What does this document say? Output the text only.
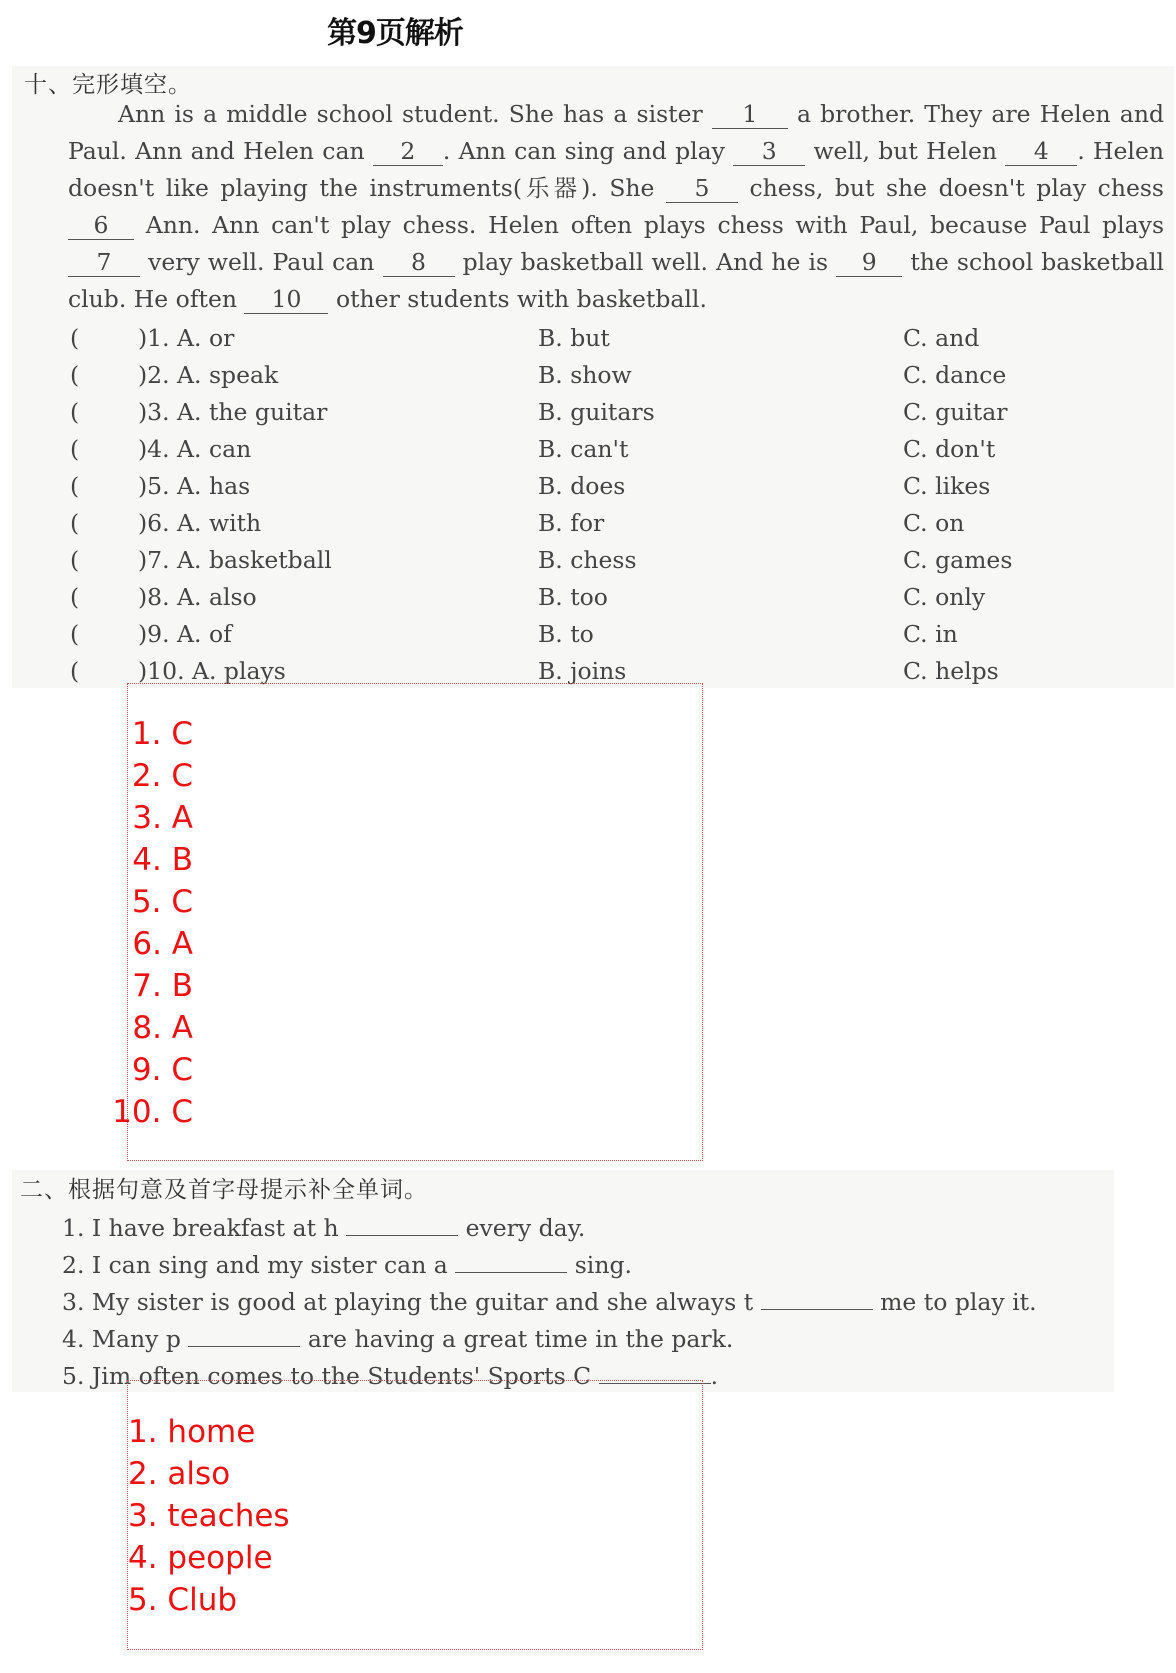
第9页解析
十、完形填空。
Ann is a middle school student. She has a sister 1 a brother. They are Helen and Paul. Ann and Helen can 2 . Ann can sing and play 3 well, but Helen 4 . Helen doesn't like playing the instruments(乐器). She 5 chess, but she doesn't play chess 6 Ann. Ann can't play chess. Helen often plays chess with Paul, because Paul plays 7 very well. Paul can 8 play basketball well. And he is 9 the school basketball club. He often 10 other students with basketball.
(	)1. A. or	B. but	C. and
(	)2. A. speak	B. show	C. dance
(	)3. A. the guitar	B. guitars	C. guitar
(	)4. A. can	B. can't	C. don't
(	)5. A. has	B. does	C. likes
(	)6. A. with	B. for	C. on
(	)7. A. basketball	B. chess	C. games
(	)8. A. also	B. too	C. only
(	)9. A. of	B. to	C. in
(	)10. A. plays	B. joins	C. helps
1. C
2. C
3. A
4. B
5. C
6. A
7. B
8. A
9. C
10. C
二、根据句意及首字母提示补全单词。
1. I have breakfast at h	every day.
2. I can sing and my sister can a	sing.
3. My sister is good at playing the guitar and she always t	me to play it.
4. Many p	are having a great time in the park.
5. Jim often comes to the Students' Sports C	.
1. home
2. also
3. teaches
4. people
5. Club
